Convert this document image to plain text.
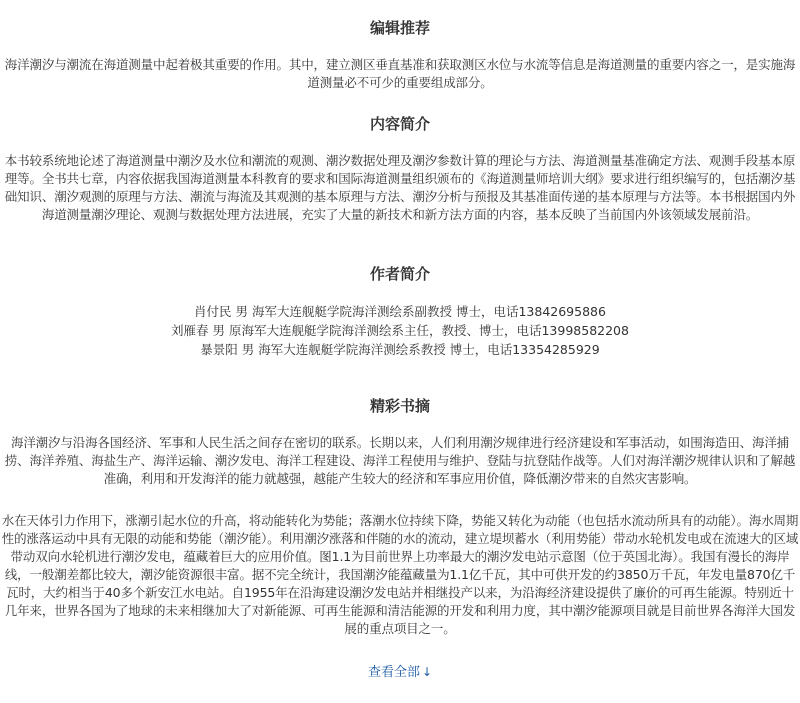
编辑推荐

海洋潮汐与潮流在海道测量中起着极其重要的作用。其中，建立测区垂直基准和获取测区水位与水流等信息是海道测量的重要内容之一，是实施海道测量必不可少的重要组成部分。

内容简介

本书较系统地论述了海道测量中潮汐及水位和潮流的观测、潮汐数据处理及潮汐参数计算的理论与方法、海道测量基准确定方法、观测手段基本原理等。全书共七章，内容依据我国海道测量本科教育的要求和国际海道测量组织颁布的《海道测量师培训大纲》要求进行组织编写的，包括潮汐基础知识、潮汐观测的原理与方法、潮流与海流及其观测的基本原理与方法、潮汐分析与预报及其基准面传递的基本原理与方法等。本书根据国内外海道测量潮汐理论、观测与数据处理方法进展，充实了大量的新技术和新方法方面的内容，基本反映了当前国内外该领域发展前沿。

作者简介
肖付民 男 海军大连舰艇学院海洋测绘系副教授 博士，电话13842695886
刘雁春 男 原海军大连舰艇学院海洋测绘系主任，教授、博士，电话13998582208
暴景阳 男 海军大连舰艇学院海洋测绘系教授 博士，电话13354285929
精彩书摘

海洋潮汐与沿海各国经济、军事和人民生活之间存在密切的联系。长期以来，人们利用潮汐规律进行经济建设和军事活动，如围海造田、海洋捕捞、海洋养殖、海盐生产、海洋运输、潮汐发电、海洋工程建设、海洋工程使用与维护、登陆与抗登陆作战等。人们对海洋潮汐规律认识和了解越准确，利用和开发海洋的能力就越强，越能产生较大的经济和军事应用价值，降低潮汐带来的自然灾害影响。

水在天体引力作用下，涨潮引起水位的升高，将动能转化为势能；落潮水位持续下降，势能又转化为动能（也包括水流动所具有的动能）。海水周期性的涨落运动中具有无限的动能和势能（潮汐能）。利用潮汐涨落和伴随的水的流动，建立堤坝蓄水（利用势能）带动水轮机发电或在流速大的区域带动双向水轮机进行潮汐发电，蕴藏着巨大的应用价值。图1.1为目前世界上功率最大的潮汐发电站示意图（位于英国北海）。我国有漫长的海岸线，一般潮差都比较大，潮汐能资源很丰富。据不完全统计，我国潮汐能蕴藏量为1.1亿千瓦，其中可供开发的约3850万千瓦，年发电量870亿千瓦时，大约相当于40多个新安江水电站。自1955年在沿海建设潮汐发电站并相继投产以来，为沿海经济建设提供了廉价的可再生能源。特别近十几年来，世界各国为了地球的未来相继加大了对新能源、可再生能源和清洁能源的开发和利用力度，其中潮汐能源项目就是目前世界各海洋大国发展的重点项目之一。

查看全部 ↓
